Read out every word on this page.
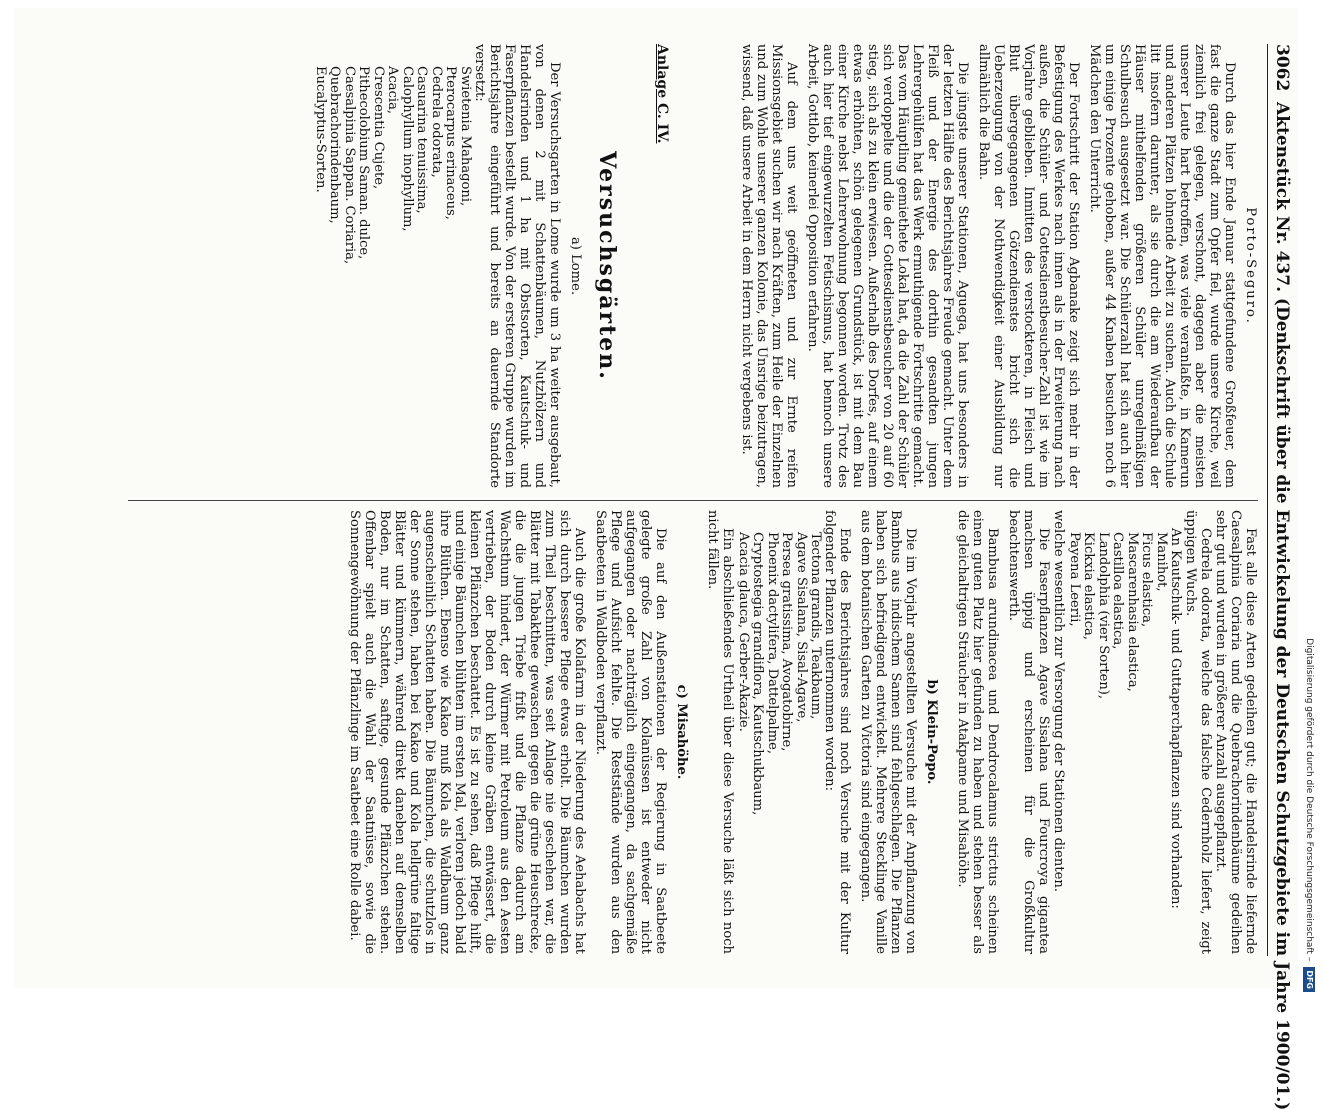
3062
Aktenstück Nr. 437. (Denkschrift über die Entwickelung der Deutschen Schutzgebiete im Jahre 1900/01.)

Porto-Seguro.

Durch das hier Ende Januar stattgefundene Großfeuer, dem fast die ganze Stadt zum Opfer fiel, wurde unsere Kirche, weil ziemlich frei gelegen, verschont, dagegen aber die meisten unserer Leute hart betroffen, was viele veranlaßte, in Kamerun und anderen Plätzen lohnende Arbeit zu suchen. Auch die Schule litt insofern darunter, als sie durch die am Wiederaufbau der Häuser mithelfenden größeren Schüler unregelmäßigen Schulbesuch ausgesetzt war. Die Schülerzahl hat sich auch hier um einige Prozente gehoben, außer 44 Knaben besuchen noch 6 Mädchen den Unterricht.

Der Fortschritt der Station Agbanake zeigt sich mehr in der Befestigung des Werkes nach innen als in der Erweiterung nach außen, die Schüler- und Gottesdienstbesucher-Zahl ist wie im Vorjahre geblieben. Inmitten des verstockteren, in Fleisch und Blut übergegangenen Götzendienstes bricht sich die Ueberzeugung von der Nothwendigkeit einer Ausbildung nur allmählich die Bahn.

Die jüngste unserer Stationen, Aguega, hat uns besonders in der letzten Hälfte des Berichtsjahres Freude gemacht. Unter dem Fleiß und der Energie des dorthin gesandten jungen Lehrergehülfen hat das Werk ermuthigende Fortschritte gemacht. Das vom Häuptling gemiethete Lokal hat, da die Zahl der Schüler sich verdoppelte und die der Gottesdienstbesucher von 20 auf 60 stieg, sich als zu klein erwiesen. Außerhalb des Dorfes, auf einem etwas erhöhten, schön gelegenen Grundstück, ist mit dem Bau einer Kirche nebst Lehrerwohnung begonnen worden. Trotz des auch hier tief eingewurzelten Fetischismus, hat bennoch unsere Arbeit, Gottlob, keinerlei Opposition erfahren.

Auf dem uns weit geöffneten und zur Ernte reifen Missionsgebiet suchen wir nach Kräften, zum Heile der Einzelnen und zum Wohle unserer ganzen Kolonie, das Unsrige beizutragen, wissend, daß unsere Arbeit in dem Herrn nicht vergebens ist.

Anlage C. IV.

Versuchsgärten.

a) Lome.

Der Versuchsgarten in Lome wurde um 3 ha weiter ausgebaut, von denen 2 mit Schattenbäumen, Nutzhölzern und Handelsrinden und 1 ha mit Obstsorten, Kautschuk- und Faserpflanzen bestellt wurde. Von der ersteren Gruppe wurden im Berichtsjahre eingeführt und bereits an dauernde Standorte versetzt:

Swietenia Mahagoni,
Pterocarpus erinaceus,
Cedrela odorata,
Casuarina tenuissima,
Calophyllum inophyllum,
Acacia,
Crescentia Cujete,
Pithecolobium Saman. dulce,
Caesalpinia Sappan. Coriaria,
Quebrachorindenbaum,
Eucalyptus-Sorten.

Fast alle diese Arten gedeihen gut; die Handelsrinde liefernde Caesalpinia Coriaria und die Quebrachorindenbäume gedeihen sehr gut und wurden in größerer Anzahl ausgepflanzt.

Cedrela odorata, welche das falsche Cedernholz liefert, zeigt üppigen Wuchs.

An Kautschuk- und Guttaperchapflanzen sind vorhanden:

Manihot,
Ficus elastica,
Mascarenhasia elastica,
Castilloa elastica,
Landolphia (vier Sorten),
Kickxia elastica,
Payena Leerii,

welche wesentlich zur Versorgung der Stationen dienten.

Die Faserpflanzen Agave Sisalana und Fourcroya gigantea machsen üppig und erscheinen für die Großkultur beachtenswerth.

Bambusa arundinacea und Dendrocalamus strictus scheinen einen guten Platz hier gefunden zu haben und stehen besser als die gleichaltrigen Sträucher in Atakpame und Misahöhe.

b) Klein-Popo.

Die im Vorjahr angestellten Versuche mit der Anpflanzung von Bambus aus indischem Samen sind fehlgeschlagen. Die Pflanzen haben sich befriedigend entwickelt. Mehrere Stecklinge Vanille aus dem botanischen Garten zu Victoria sind eingegangen.

Ende des Berichtsjahres sind noch Versuche mit der Kultur folgender Pflanzen unternommen worden:

Tectona grandis, Teakbaum,
Agave Sisalana, Sisal-Agave,
Persea gratissima, Avogatobirne,
Phoenix dactylifera, Dattelpalme,
Cryptostegia grandiflora, Kautschukbaum,
Acacia glauca, Gerber-Akazie.

Ein abschließendes Urtheil über diese Versuche läßt sich noch nicht fällen.

c) Misahöhe.

Die auf den Außenstationen der Regierung in Saatbeete gelegte große Zahl von Kolanüssen ist entweder nicht aufgegangen oder nachträglich eingegangen, da sachgemäße Pflege und Aufsicht fehlte. Die Reststände wurden aus den Saatbeeten in Waldboden verpflanzt.

Auch die große Kolafarm in der Niederung des Aehabachs hat sich durch bessere Pflege etwas erholt. Die Bäumchen wurden zum Theil beschnitten, was seit Anlage nie geschehen war, die Blätter mit Tabakthee gewaschen gegen die grüne Heuschrecke, die die jungen Triebe frißt und die Pflanze dadurch am Wachsthum hindert, der Würmer mit Petroleum aus den Aesten vertrieben, der Boden durch kleine Gräben entwässert, die kleinen Pflänzchen beschattet. Es ist zu sehen, daß Pflege hilft, und einige Bäumchen blühten im ersten Mal, verloren jedoch bald ihre Blüthen. Ebenso wie Kakao muß Kola als Waldbaum ganz augenscheinlich Schatten haben. Die Bäumchen, die schutzlos in der Sonne stehen, haben bei Kakao und Kola hellgrüne faltige Blätter und kümmern, während direkt daneben auf demselben Boden, nur im Schatten, saftige, gesunde Pflänzchen stehen. Offenbar spielt auch die Wahl der Saatnüsse, sowie die Sonnengewöhnung der Pflänzlinge im Saatbeet eine Rolle dabei.	Digitalisierung gefördert durch die Deutsche Forschungsgemeinschaft –DFG
